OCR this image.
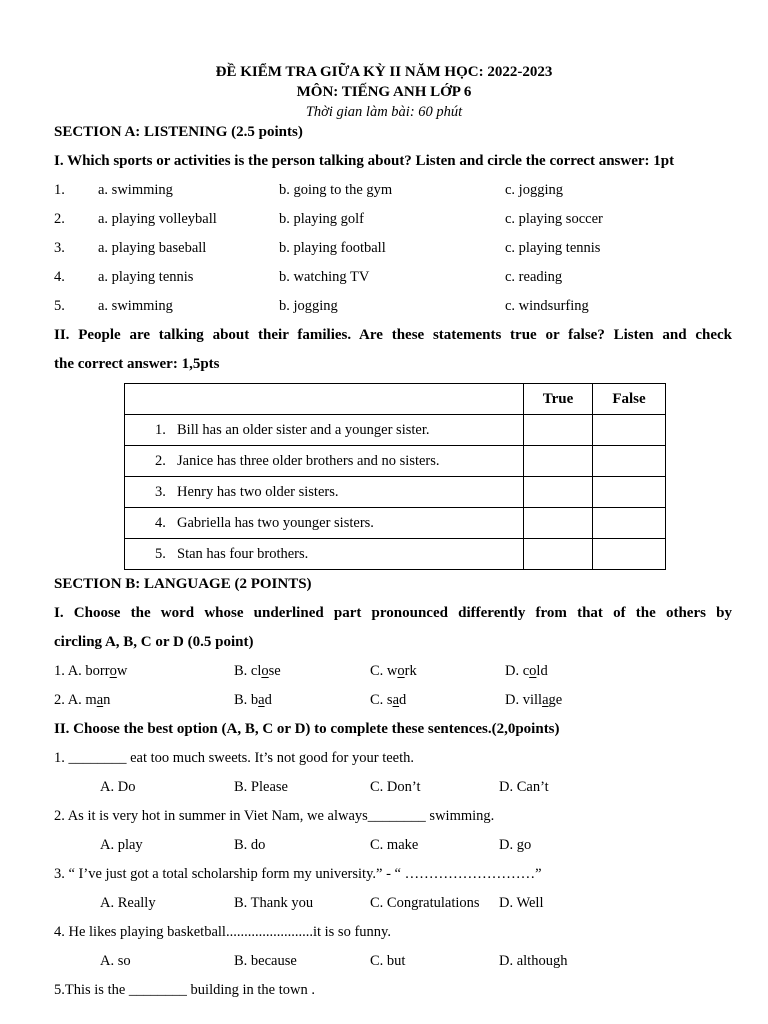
ĐỀ KIỂM TRA GIỮA KỲ II NĂM HỌC: 2022-2023
MÔN: TIẾNG ANH LỚP 6
Thời gian làm bài: 60 phút
SECTION A: LISTENING (2.5 points)
I. Which sports or activities is the person talking about? Listen and circle the correct answer: 1pt
1. a. swimming	b. going to the gym	c. jogging
2. a. playing volleyball	b. playing golf	c. playing soccer
3. a. playing baseball	b. playing football	c. playing tennis
4. a. playing tennis	b. watching TV	c. reading
5. a. swimming	b. jogging	c. windsurfing
II. People are talking about their families. Are these statements true or false? Listen and check
the correct answer: 1,5pts
	True	False
1. Bill has an older sister and a younger sister.		
2. Janice has three older brothers and no sisters.		
3. Henry has two older sisters.		
4. Gabriella has two younger sisters.		
5. Stan has four brothers.		
SECTION B: LANGUAGE (2 POINTS)
I. Choose the word whose underlined part pronounced differently from that of the others by
circling A, B, C or D (0.5 point)
1. A. borrow	B. close	C. work	D. cold
2. A. man	B. bad	C. sad	D. village
II. Choose the best option (A, B, C or D) to complete these sentences.(2,0points)
1. ________ eat too much sweets. It’s not good for your teeth.
A. Do	B. Please	C. Don’t	D. Can’t
2. As it is very hot in summer in Viet Nam, we always________ swimming.
A. play	B. do	C. make	D. go
3. “ I’ve just got a total scholarship form my university.” - “ ………………………”
A. Really	B. Thank you	C. Congratulations D. Well
4. He likes playing basketball........................it is so funny.
A. so	B. because	C. but	D. although
5.This is the ________ building in the town .
